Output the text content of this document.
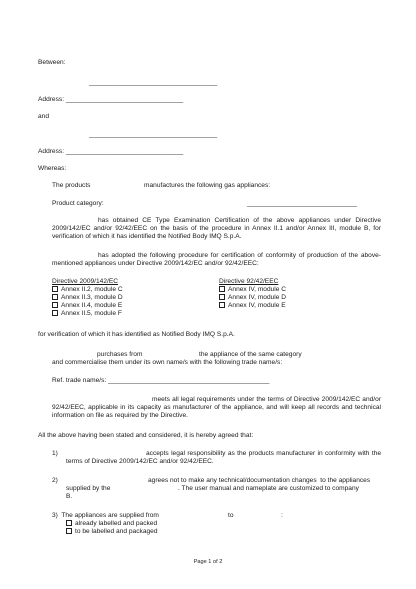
Between:
___________________________________
Address: ________________________________
and
___________________________________
Address: ________________________________
Whereas:
The products	manufactures the following gas appliances:
Product category:	______________________________
has obtained CE Type Examination Certification of the above appliances under Directive 2009/142/EC and/or 92/42/EEC on the basis of the procedure in Annex II.1 and/or Annex III, module B, for verification of which it has identified the Notified Body IMQ S.p.A.
has adopted the following procedure for certification of conformity of production of the above-mentioned appliances under Directive 2009/142/EC and/or 92/42/EEC:
Directive 2009/142/EC
Annex II.2, module C
Annex II.3, module D
Annex II.4, module E
Annex II.5, module F
Directive 92/42/EEC
Annex IV, module C
Annex IV, module D
Annex IV, module E
for verification of which it has identified as Notified Body IMQ S.p.A.
purchases from	the appliance of the same category
and commercialise them under its own name/s with the following trade name/s:
Ref. trade name/s: ____________________________________________
meets all legal requirements under the terms of Directive 2009/142/EC and/or 92/42/EEC, applicable in its capacity as manufacturer of the appliance, and will keep all records and technical information on file as required by the Directive.
All the above having been stated and considered, it is hereby agreed that:
1)	accepts legal responsibility as the products manufacturer in conformity with the terms of Directive 2009/142/EC and/or 92/42/EEC.
2)	agrees not to make any technical/documentation changes  to the appliances
supplied by the	. The user manual and nameplate are customized to company
B.
3)  The appliances are supplied from	to	:
already labelled and packed
to be labelled and packaged
Page 1 of 2
